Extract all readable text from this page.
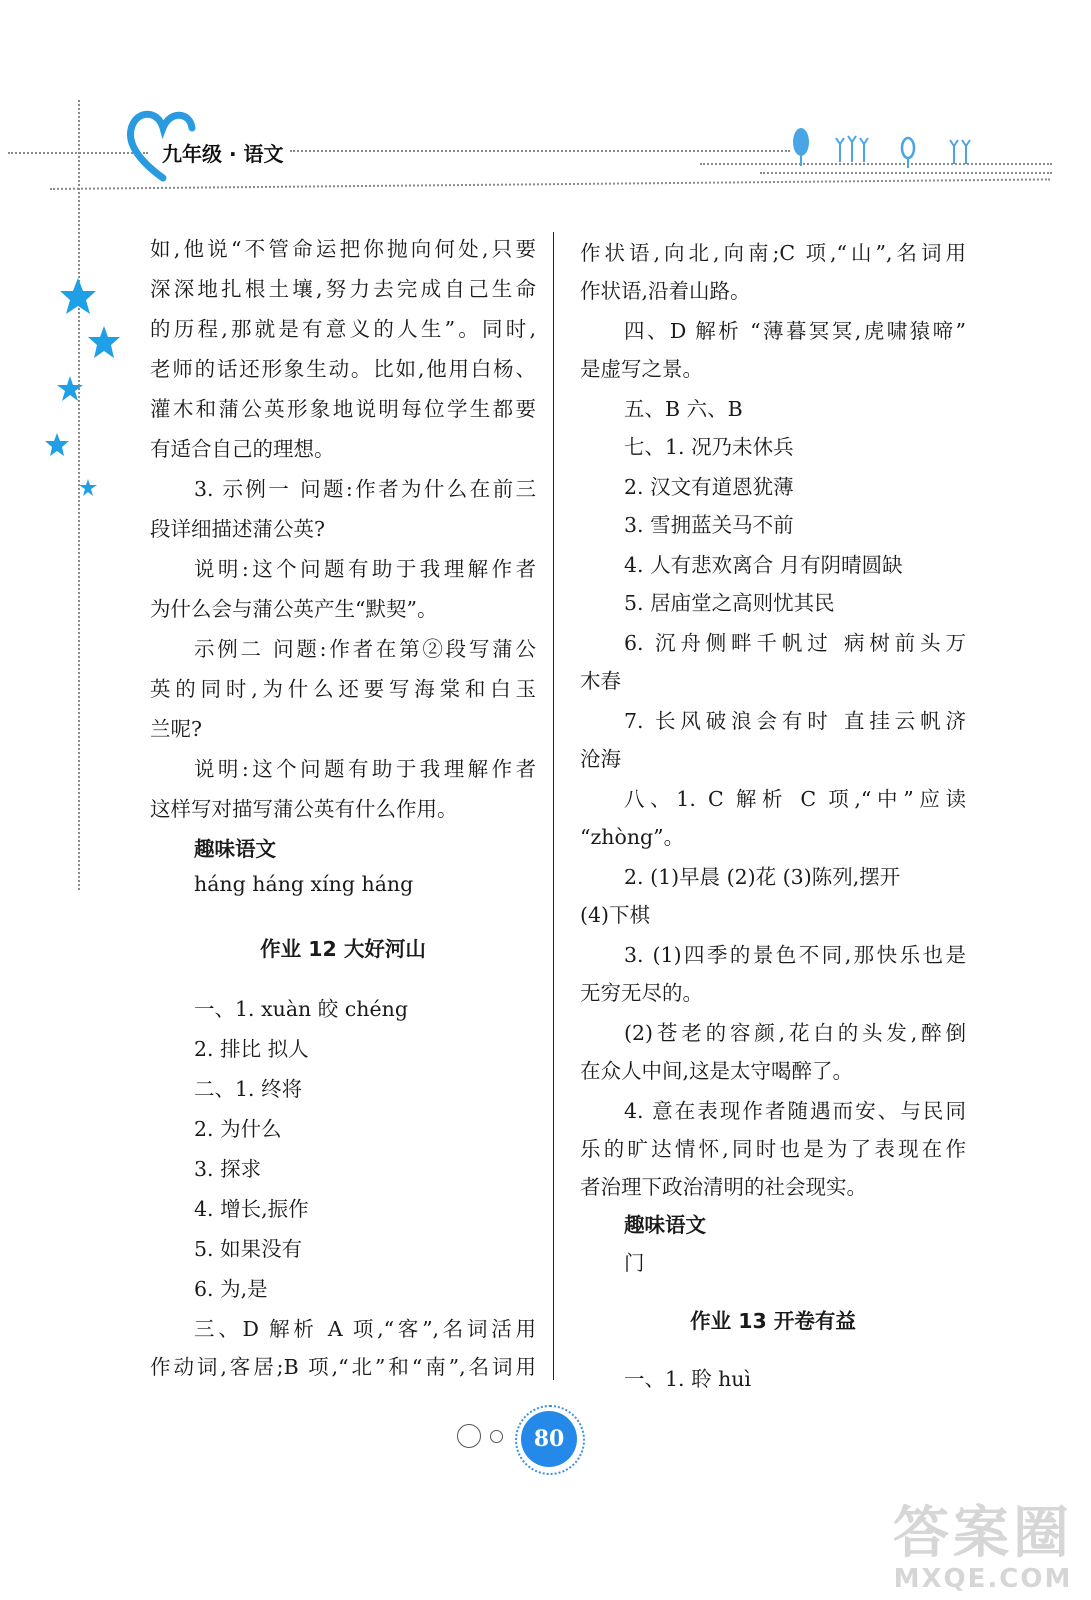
九年级 · 语文
如,他说“不管命运把你抛向何处,只要
深深地扎根土壤,努力去完成自己生命
的历程,那就是有意义的人生”。同时,
老师的话还形象生动。比如,他用白杨、
灌木和蒲公英形象地说明每位学生都要
有适合自己的理想。
3. 示例一 问题:作者为什么在前三
段详细描述蒲公英?
说明:这个问题有助于我理解作者
为什么会与蒲公英产生“默契”。
示例二 问题:作者在第②段写蒲公
英的同时,为什么还要写海棠和白玉
兰呢?
说明:这个问题有助于我理解作者
这样写对描写蒲公英有什么作用。
趣味语文
háng háng xíng háng
作业 12 大好河山
一、1. xuàn 皎 chéng
2. 排比 拟人
二、1. 终将
2. 为什么
3. 探求
4. 增长,振作
5. 如果没有
6. 为,是
三、D 解析 A 项,“客”,名词活用
作动词,客居;B 项,“北”和“南”,名词用
作状语,向北,向南;C 项,“山”,名词用
作状语,沿着山路。
四、D 解析 “薄暮冥冥,虎啸猿啼”
是虚写之景。
五、B 六、B
七、1. 况乃未休兵
2. 汉文有道恩犹薄
3. 雪拥蓝关马不前
4. 人有悲欢离合 月有阴晴圆缺
5. 居庙堂之高则忧其民
6. 沉舟侧畔千帆过 病树前头万
木春
7. 长风破浪会有时 直挂云帆济
沧海
八、1. C 解析 C 项,“中”应读
“zhòng”。
2. (1)早晨 (2)花 (3)陈列,摆开
(4)下棋
3. (1)四季的景色不同,那快乐也是
无穷无尽的。
(2)苍老的容颜,花白的头发,醉倒
在众人中间,这是太守喝醉了。
4. 意在表现作者随遇而安、与民同
乐的旷达情怀,同时也是为了表现在作
者治理下政治清明的社会现实。
趣味语文
门
作业 13 开卷有益
一、1. 聆 huì
80
答案圈
MXQE.COM
